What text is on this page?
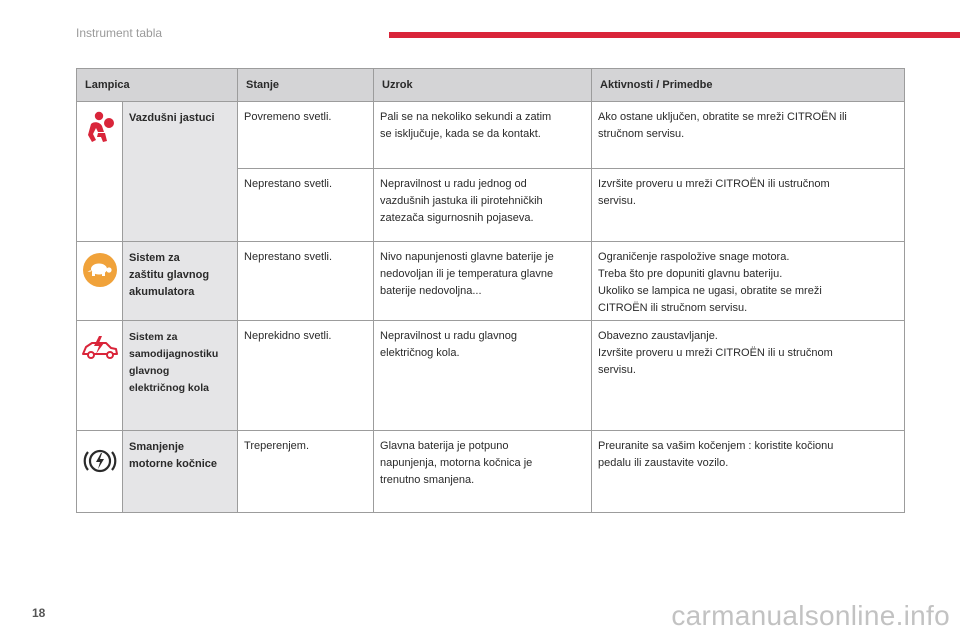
Instrument tabla
Lampica		Stanje	Uzrok	Aktivnosti / Primedbe

	Vazdušni jastuci	Povremeno svetli.	Pali se na nekoliko sekundi a zatim
se isključuje, kada se da kontakt.	Ako ostane uključen, obratite se mreži CITROËN ili
stručnom servisu.

		Neprestano svetli.	Nepravilnost u radu jednog od
vazdušnih jastuka ili pirotehničkih
zatezača sigurnosnih pojaseva.	Izvršite proveru u mreži CITROËN ili ustručnom
servisu.

	Sistem za
zaštitu glavnog
akumulatora	Neprestano svetli.	Nivo napunjenosti glavne baterije je
nedovoljan ili je temperatura glavne
baterije nedovoljna...	Ograničenje raspoložive snage motora.
Treba što pre dopuniti glavnu bateriju.
Ukoliko se lampica ne ugasi, obratite se mreži
CITROËN ili stručnom servisu.

	Sistem za
samodijagnostiku
glavnog
električnog kola	Neprekidno svetli.	Nepravilnost u radu glavnog
električnog kola.	Obavezno zaustavljanje.
Izvršite proveru u mreži CITROËN ili u stručnom
servisu.

	Smanjenje
motorne kočnice	Treperenjem.	Glavna baterija je potpuno
napunjenja, motorna kočnica je
trenutno smanjena.	Preuranite sa vašim kočenjem : koristite kočionu
pedalu ili zaustavite vozilo.
18	carmanualsonline.info
